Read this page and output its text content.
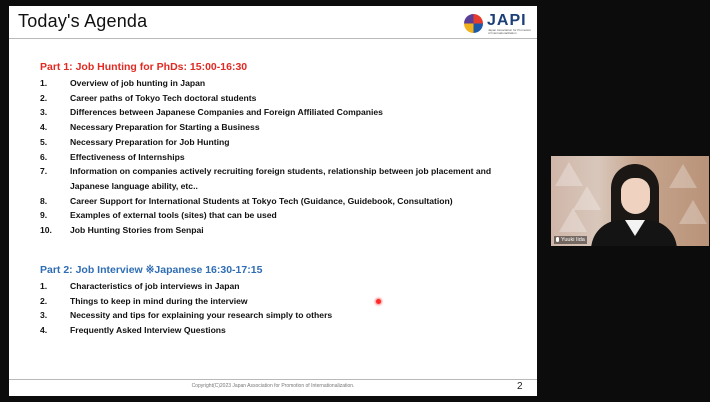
Today's Agenda	JAPI
Japan Association for Promotion of Internationalization
Part 1: Job Hunting for PhDs: 15:00-16:30
1.	Overview of job hunting in Japan
2.	Career paths of Tokyo Tech doctoral students
3.	Differences between Japanese Companies and Foreign Affiliated Companies
4.	Necessary Preparation for Starting a Business
5.	Necessary Preparation for Job Hunting
6.	Effectiveness of Internships
7.	Information on companies actively recruiting foreign students, relationship between job placement and Japanese language ability, etc..
8.	Career Support for International Students at Tokyo Tech (Guidance, Guidebook, Consultation)
9.	Examples of external tools (sites) that can be used
10. Job Hunting Stories from Senpai
Part 2: Job Interview ※Japanese 16:30-17:15
1.	Characteristics of job interviews in Japan
2.	Things to keep in mind during the interview
3.	Necessity and tips for explaining your research simply to others
4.	Frequently Asked Interview Questions
Copyright(C)2023 Japan Association for Promotion of Internationalization.	2
Yuuki Iida
